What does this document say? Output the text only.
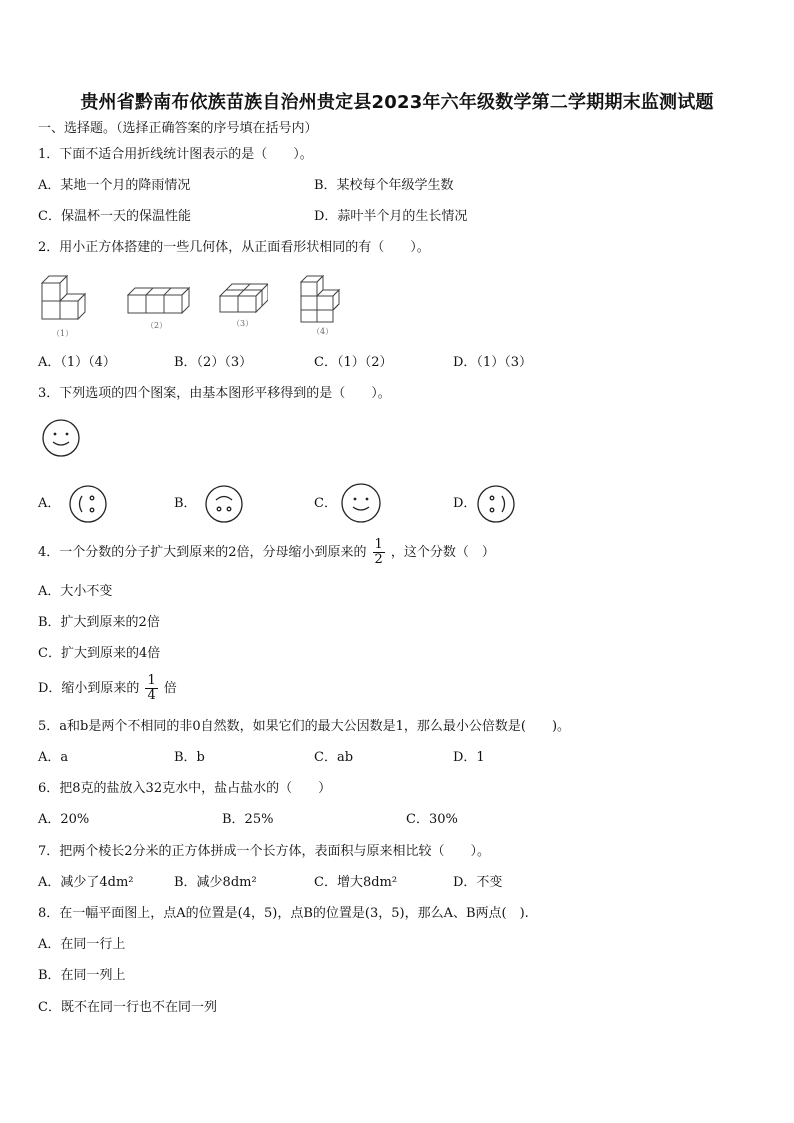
贵州省黔南布依族苗族自治州贵定县2023年六年级数学第二学期期末监测试题
一、选择题。（选择正确答案的序号填在括号内）
1．下面不适合用折线统计图表示的是（　　）。
A．某地一个月的降雨情况	B．某校每个年级学生数
C．保温杯一天的保温性能	D．蒜叶半个月的生长情况
2．用小正方体搭建的一些几何体，从正面看形状相同的有（　　）。
（1）
（2）	（3）
（4）
A．（1）（4）	B．（2）（3）	C．（1）（2）	D．（1）（3）
3．下列选项的四个图案，由基本图形平移得到的是（　　）。
A．	B．	C．	D．
4．一个分数的分子扩大到原来的2倍，分母缩小到原来的 $\frac{1}{2}$ ，这个分数（　）
A．大小不变
B．扩大到原来的2倍
C．扩大到原来的4倍
D．缩小到原来的 $\frac{1}{4}$ 倍
5．a和b是两个不相同的非0自然数，如果它们的最大公因数是1，那么最小公倍数是(　　)。
A．a	B．b	C．ab	D．1
6．把8克的盐放入32克水中，盐占盐水的（　　）
A．20%	B．25%	C．30%
7．把两个棱长2分米的正方体拼成一个长方体，表面积与原来相比较（　　）。
A．减少了4dm²	B．减少8dm²	C．增大8dm²	D．不变
8．在一幅平面图上，点A的位置是(4，5)，点B的位置是(3，5)，那么A、B两点(　).
A．在同一行上
B．在同一列上
C．既不在同一行也不在同一列
